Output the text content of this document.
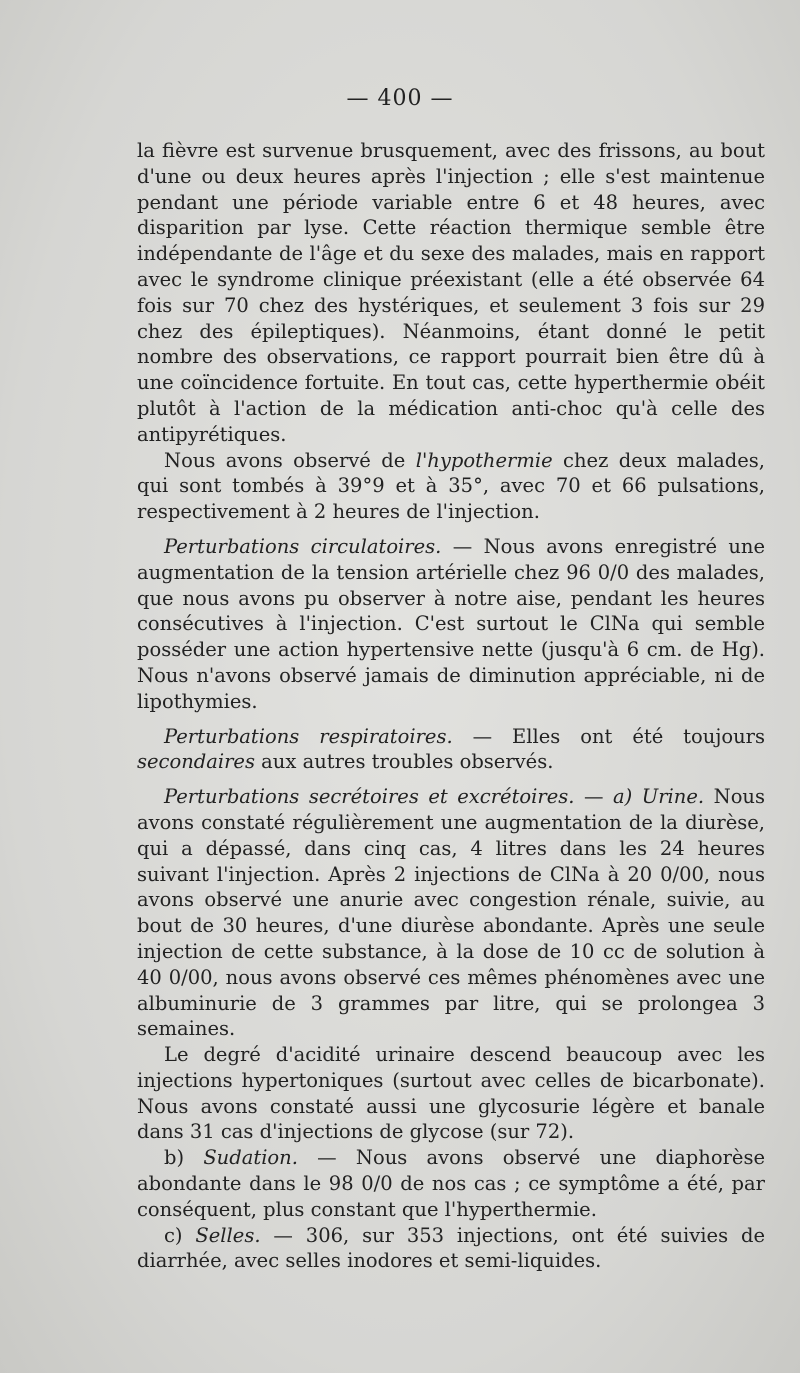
— 400 —

la fièvre est survenue brusquement, avec des frissons, au bout d'une ou deux heures après l'injection ; elle s'est maintenue pendant une période variable entre 6 et 48 heures, avec disparition par lyse. Cette réaction thermique semble être indépendante de l'âge et du sexe des malades, mais en rapport avec le syndrome clinique préexistant (elle a été observée 64 fois sur 70 chez des hystériques, et seulement 3 fois sur 29 chez des épileptiques). Néanmoins, étant donné le petit nombre des observations, ce rapport pourrait bien être dû à une coïncidence fortuite. En tout cas, cette hyperthermie obéit plutôt à l'action de la médication anti-choc qu'à celle des antipyrétiques.

Nous avons observé de l'hypothermie chez deux malades, qui sont tombés à 39°9 et à 35°, avec 70 et 66 pulsations, respectivement à 2 heures de l'injection.

Perturbations circulatoires. — Nous avons enregistré une augmentation de la tension artérielle chez 96 0/0 des malades, que nous avons pu observer à notre aise, pendant les heures consécutives à l'injection. C'est surtout le ClNa qui semble posséder une action hypertensive nette (jusqu'à 6 cm. de Hg). Nous n'avons observé jamais de diminution appréciable, ni de lipothymies.

Perturbations respiratoires. — Elles ont été toujours secondaires aux autres troubles observés.

Perturbations secrétoires et excrétoires. — a) Urine. Nous avons constaté régulièrement une augmentation de la diurèse, qui a dépassé, dans cinq cas, 4 litres dans les 24 heures suivant l'injection. Après 2 injections de ClNa à 20 0/00, nous avons observé une anurie avec congestion rénale, suivie, au bout de 30 heures, d'une diurèse abondante. Après une seule injection de cette substance, à la dose de 10 cc de solution à 40 0/00, nous avons observé ces mêmes phénomènes avec une albuminurie de 3 grammes par litre, qui se prolongea 3 semaines.

Le degré d'acidité urinaire descend beaucoup avec les injections hypertoniques (surtout avec celles de bicarbonate). Nous avons constaté aussi une glycosurie légère et banale dans 31 cas d'injections de glycose (sur 72).

b) Sudation. — Nous avons observé une diaphorèse abondante dans le 98 0/0 de nos cas ; ce symptôme a été, par conséquent, plus constant que l'hyperthermie.

c) Selles. — 306, sur 353 injections, ont été suivies de diarrhée, avec selles inodores et semi-liquides.
